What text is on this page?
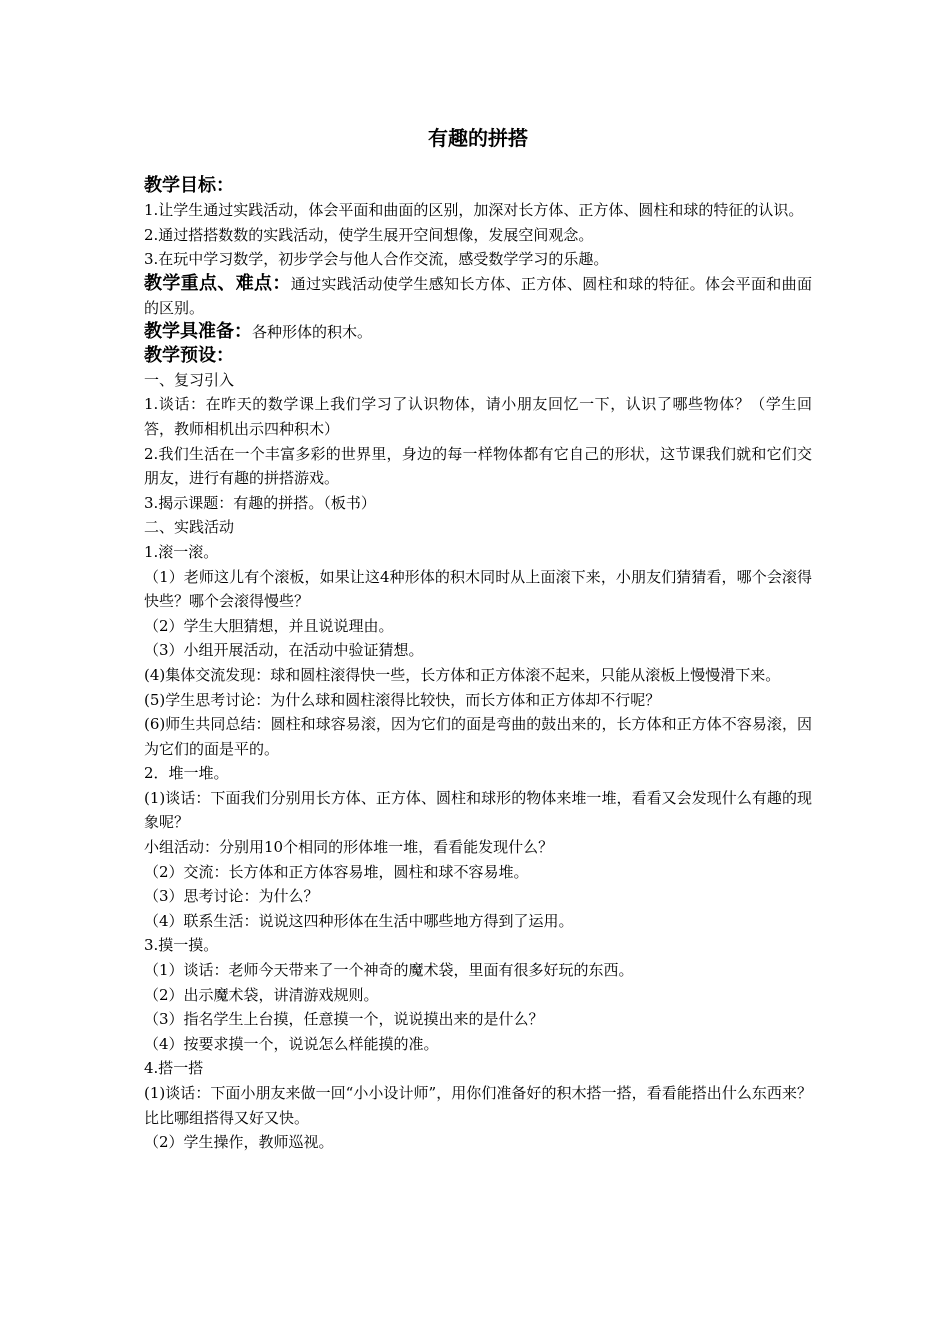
有趣的拼搭
教学目标：

1.让学生通过实践活动，体会平面和曲面的区别，加深对长方体、正方体、圆柱和球的特征的认识。

2.通过搭搭数数的实践活动，使学生展开空间想像，发展空间观念。

3.在玩中学习数学，初步学会与他人合作交流，感受数学学习的乐趣。

教学重点、难点：通过实践活动使学生感知长方体、正方体、圆柱和球的特征。体会平面和曲面的区别。

教学具准备：各种形体的积木。

教学预设：

一、复习引入

1.谈话：在昨天的数学课上我们学习了认识物体，请小朋友回忆一下，认识了哪些物体？（学生回答，教师相机出示四种积木）

2.我们生活在一个丰富多彩的世界里，身边的每一样物体都有它自己的形状，这节课我们就和它们交朋友，进行有趣的拼搭游戏。

3.揭示课题：有趣的拼搭。（板书）

二、实践活动

1.滚一滚。

（1）老师这儿有个滚板，如果让这4种形体的积木同时从上面滚下来，小朋友们猜猜看，哪个会滚得快些？哪个会滚得慢些？

（2）学生大胆猜想，并且说说理由。

（3）小组开展活动，在活动中验证猜想。

(4)集体交流发现：球和圆柱滚得快一些，长方体和正方体滚不起来，只能从滚板上慢慢滑下来。

(5)学生思考讨论：为什么球和圆柱滚得比较快，而长方体和正方体却不行呢？

(6)师生共同总结：圆柱和球容易滚，因为它们的面是弯曲的鼓出来的，长方体和正方体不容易滚，因为它们的面是平的。

2．堆一堆。

(1)谈话：下面我们分别用长方体、正方体、圆柱和球形的物体来堆一堆，看看又会发现什么有趣的现象呢？

小组活动：分别用10个相同的形体堆一堆，看看能发现什么？

（2）交流：长方体和正方体容易堆，圆柱和球不容易堆。

（3）思考讨论：为什么？

（4）联系生活：说说这四种形体在生活中哪些地方得到了运用。

3.摸一摸。

（1）谈话：老师今天带来了一个神奇的魔术袋，里面有很多好玩的东西。

（2）出示魔术袋，讲清游戏规则。

（3）指名学生上台摸，任意摸一个，说说摸出来的是什么？

（4）按要求摸一个，说说怎么样能摸的准。

4.搭一搭

(1)谈话：下面小朋友来做一回“小小设计师”，用你们准备好的积木搭一搭，看看能搭出什么东西来？比比哪组搭得又好又快。

（2）学生操作，教师巡视。
